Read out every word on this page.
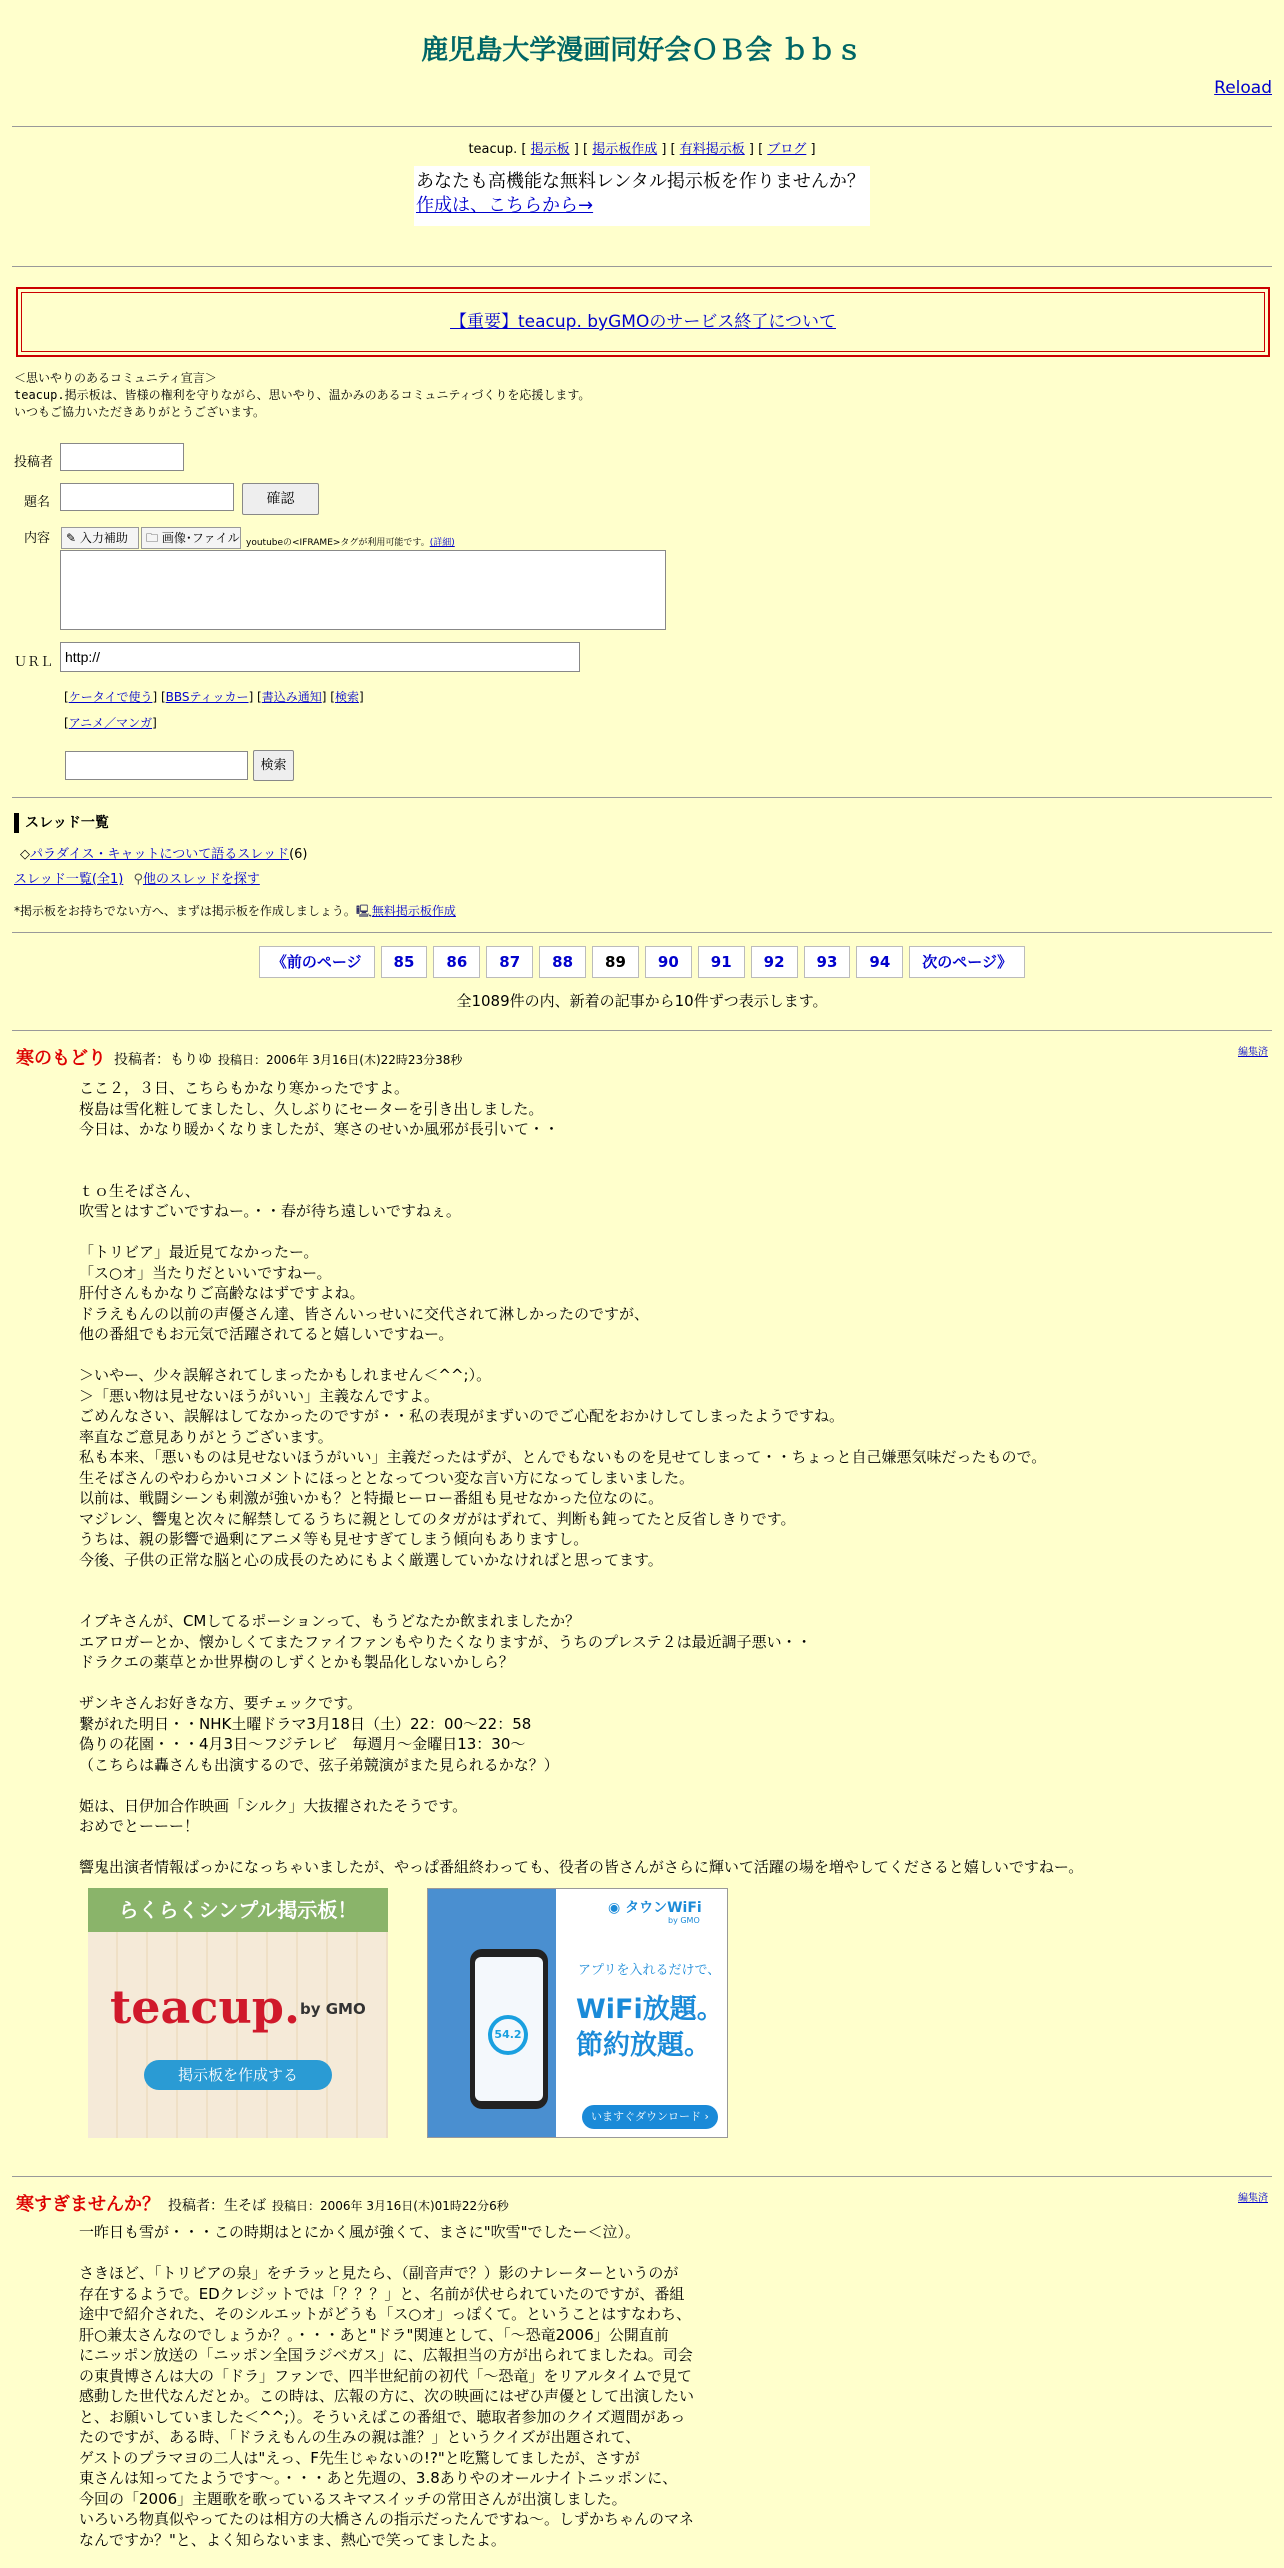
鹿児島大学漫画同好会ＯＢ会 ｂｂｓ
Reload
teacup. [ 掲示板 ] [ 掲示板作成 ] [ 有料掲示板 ] [ ブログ ]
あなたも高機能な無料レンタル掲示板を作りませんか？
作成は、こちらから→
【重要】teacup. byGMOのサービス終了について
＜思いやりのあるコミュニティ宣言＞
teacup.掲示板は、皆様の権利を守りながら、思いやり、温かみのあるコミュニティづくりを応援します。
いつもご協力いただきありがとうございます。
投稿者
題名	確認
内容	✎ 入力補助	🗀 画像･ファイル youtubeの<IFRAME>タグが利用可能です。(詳細)
ＵＲＬ
http://
[ケータイで使う] [BBSティッカー] [書込み通知] [検索]
[アニメ／マンガ]
検索
スレッド一覧
◇パラダイス・キャットについて語るスレッド(6)
スレッド一覧(全1) ⚲他のスレッドを探す
*掲示板をお持ちでない方へ、まずは掲示板を作成しましょう。🖳無料掲示板作成
《前のページ 85 86 87 88 89 90 91 92 93 94 次のページ》
全1089件の内、新着の記事から10件ずつ表示します。
寒のもどり 投稿者：もりゆ 投稿日：2006年 3月16日(木)22時23分38秒
編集済
ここ２，３日、こちらもかなり寒かったですよ。
桜島は雪化粧してましたし、久しぶりにセーターを引き出しました。
今日は、かなり暖かくなりましたが、寒さのせいか風邪が長引いて・・

ｔｏ生そばさん、
吹雪とはすごいですねー。・・春が待ち遠しいですねぇ。

「トリビア」最近見てなかったー。
「ス○オ」当たりだといいですねー。
肝付さんもかなりご高齢なはずですよね。
ドラえもんの以前の声優さん達、皆さんいっせいに交代されて淋しかったのですが、
他の番組でもお元気で活躍されてると嬉しいですねー。

＞いやー、少々誤解されてしまったかもしれません＜^^;）。
＞「悪い物は見せないほうがいい」主義なんですよ。
ごめんなさい、誤解はしてなかったのですが・・私の表現がまずいのでご心配をおかけしてしまったようですね。
率直なご意見ありがとうございます。
私も本来、「悪いものは見せないほうがいい」主義だったはずが、とんでもないものを見せてしまって・・ちょっと自己嫌悪気味だったもので。
生そばさんのやわらかいコメントにほっととなってつい変な言い方になってしまいました。
以前は、戦闘シーンも刺激が強いかも？と特撮ヒーロー番組も見せなかった位なのに。
マジレン、響鬼と次々に解禁してるうちに親としてのタガがはずれて、判断も鈍ってたと反省しきりです。
うちは、親の影響で過剰にアニメ等も見せすぎてしまう傾向もありますし。
今後、子供の正常な脳と心の成長のためにもよく厳選していかなければと思ってます。

イブキさんが、CMしてるポーションって、もうどなたか飲まれましたか？
エアロガーとか、懐かしくてまたファイファンもやりたくなりますが、うちのプレステ２は最近調子悪い・・
ドラクエの薬草とか世界樹のしずくとかも製品化しないかしら？

ザンキさんお好きな方、要チェックです。
繋がれた明日・・NHK土曜ドラマ3月18日（土）22：00～22：58
偽りの花園・・・4月3日～フジテレビ　毎週月～金曜日13：30～
（こちらは轟さんも出演するので、弦子弟競演がまた見られるかな？）

姫は、日伊加合作映画「シルク」大抜擢されたそうです。
おめでとーーー！

響鬼出演者情報ばっかになっちゃいましたが、やっぱ番組終わっても、役者の皆さんがさらに輝いて活躍の場を増やしてくださると嬉しいですねー。
らくらくシンプル掲示板！
teacup. by GMO
掲示板を作成する
54.2
◉ タウンWiFi
by GMO
アプリを入れるだけで、
WiFi放題。
節約放題。
いますぐダウンロード ›
寒すぎませんか？ 投稿者：生そば 投稿日：2006年 3月16日(木)01時22分6秒
編集済
一昨日も雪が・・・この時期はとにかく風が強くて、まさに"吹雪"でしたー＜泣）。

さきほど、「トリビアの泉」をチラッと見たら、（副音声で？）影のナレーターというのが
存在するようで。EDクレジットでは「？？？」と、名前が伏せられていたのですが、番組
途中で紹介された、そのシルエットがどうも「ス○オ」っぽくて。ということはすなわち、
肝○兼太さんなのでしょうか？。・・・あと"ドラ"関連として、「～恐竜2006」公開直前
にニッポン放送の「ニッポン全国ラジベガス」に、広報担当の方が出られてましたね。司会
の東貴博さんは大の「ドラ」ファンで、四半世紀前の初代「～恐竜」をリアルタイムで見て
感動した世代なんだとか。この時は、広報の方に、次の映画にはぜひ声優として出演したい
と、お願いしていました＜^^;）。そういえばこの番組で、聴取者参加のクイズ週間があっ
たのですが、ある時、「ドラえもんの生みの親は誰？」というクイズが出題されて、
ゲストのプラマヨの二人は"えっ、F先生じゃないの!?"と吃驚してましたが、さすが
東さんは知ってたようです～。・・・あと先週の、3.8ありやのオールナイトニッポンに、
今回の「2006」主題歌を歌っているスキマスイッチの常田さんが出演しました。
いろいろ物真似やってたのは相方の大橋さんの指示だったんですね～。しずかちゃんのマネ
なんですか？"と、よく知らないまま、熱心で笑ってましたよ。
